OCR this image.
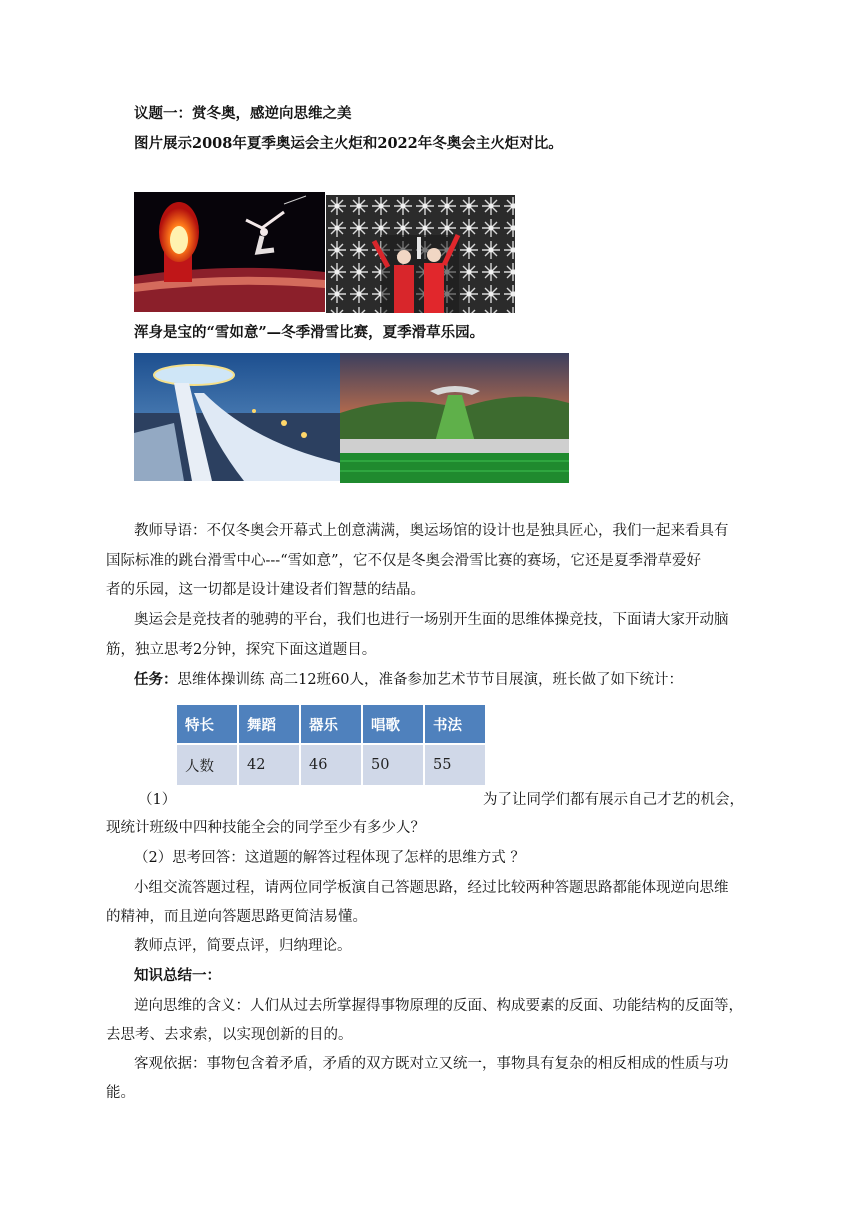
议题一：赏冬奥，感逆向思维之美
图片展示2008年夏季奥运会主火炬和2022年冬奥会主火炬对比。
浑身是宝的“雪如意”—冬季滑雪比赛，夏季滑草乐园。
教师导语：不仅冬奥会开幕式上创意满满，奥运场馆的设计也是独具匠心，我们一起来看具有
国际标准的跳台滑雪中心---“雪如意”，它不仅是冬奥会滑雪比赛的赛场，它还是夏季滑草爱好
者的乐园，这一切都是设计建设者们智慧的结晶。
奥运会是竞技者的驰骋的平台，我们也进行一场别开生面的思维体操竞技，下面请大家开动脑
筋，独立思考2分钟，探究下面这道题目。
任务：思维体操训练 高二12班60人，准备参加艺术节节目展演，班长做了如下统计：
特长	舞蹈	器乐	唱歌	书法
人数	42	46	50	55
（1）	为了让同学们都有展示自己才艺的机会，
现统计班级中四种技能全会的同学至少有多少人？
（2）思考回答：这道题的解答过程体现了怎样的思维方式 ？
小组交流答题过程，请两位同学板演自己答题思路，经过比较两种答题思路都能体现逆向思维
的精神，而且逆向答题思路更简洁易懂。
教师点评，简要点评，归纳理论。
知识总结一：
逆向思维的含义：人们从过去所掌握得事物原理的反面、构成要素的反面、功能结构的反面等，
去思考、去求索，以实现创新的目的。
客观依据：事物包含着矛盾，矛盾的双方既对立又统一，事物具有复杂的相反相成的性质与功
能。
